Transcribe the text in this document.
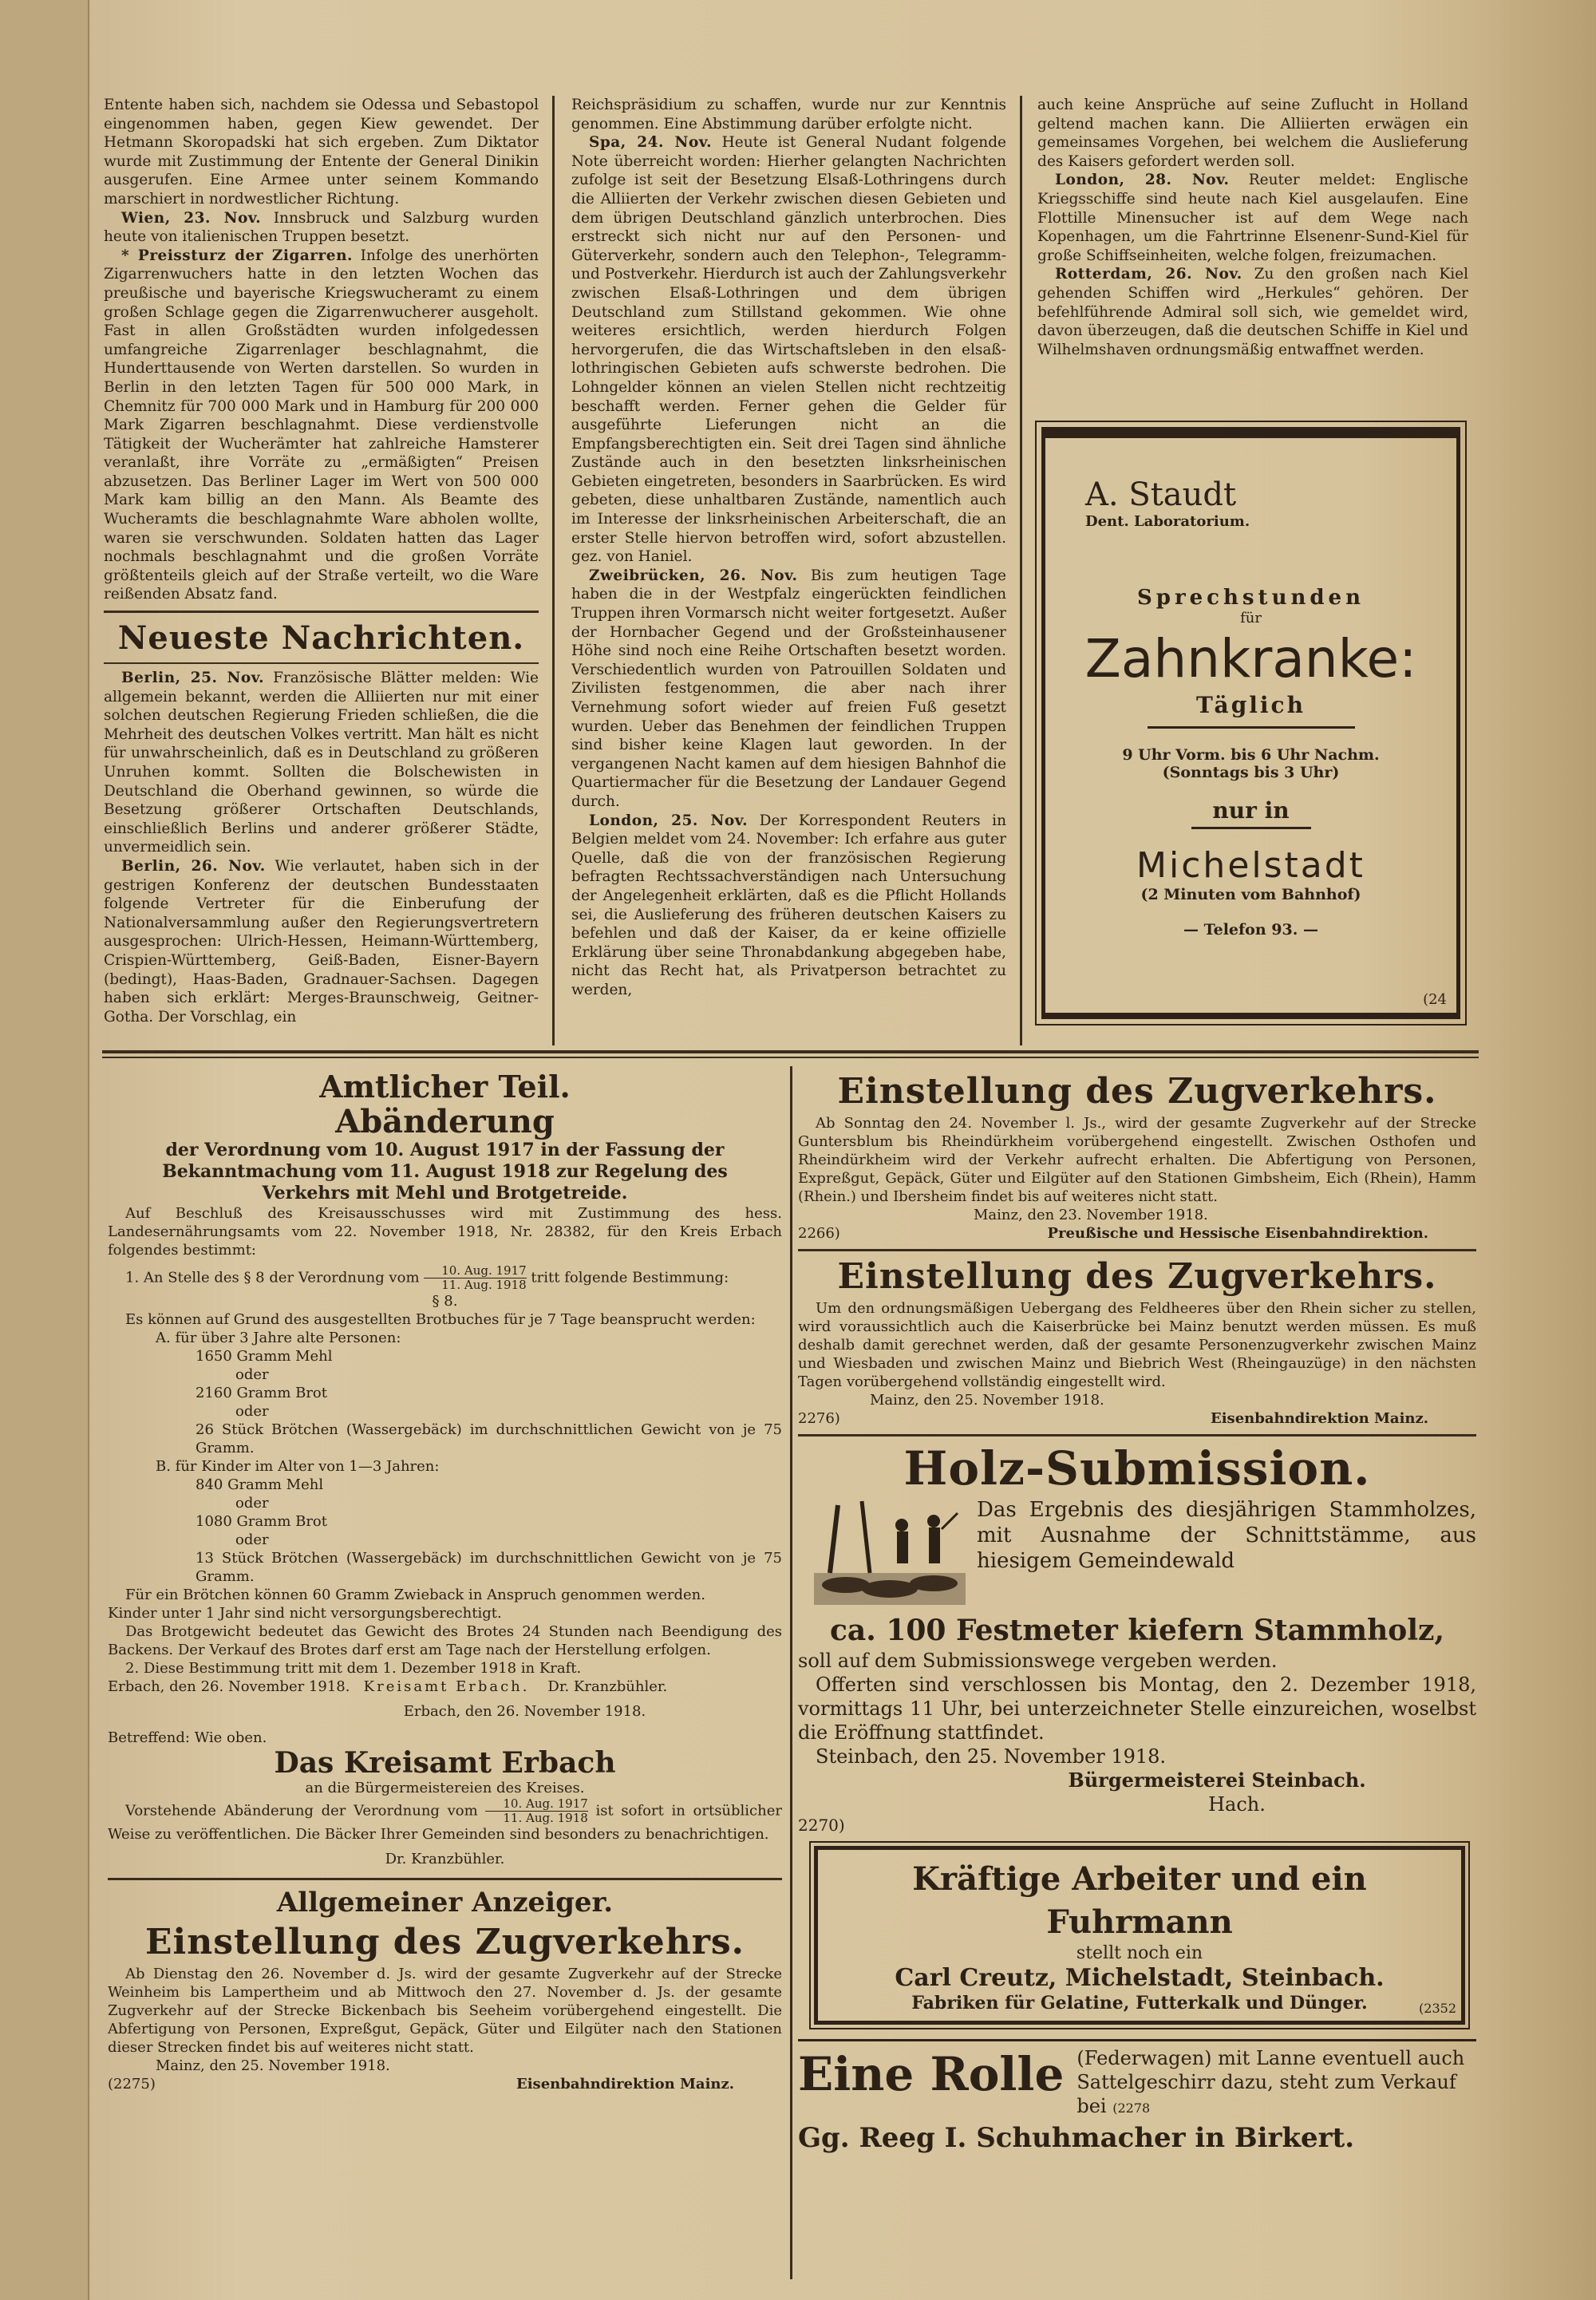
Entente haben sich, nachdem sie Odessa und Sebastopol eingenommen haben, gegen Kiew gewendet. Der Hetmann Skoropadski hat sich ergeben. Zum Diktator wurde mit Zustimmung der Entente der General Dinikin ausgerufen. Eine Armee unter seinem Kommando marschiert in nordwestlicher Richtung.

Wien, 23. Nov. Innsbruck und Salzburg wurden heute von italienischen Truppen besetzt.

* Preissturz der Zigarren. Infolge des unerhörten Zigarrenwuchers hatte in den letzten Wochen das preußische und bayerische Kriegswucheramt zu einem großen Schlage gegen die Zigarrenwucherer ausgeholt. Fast in allen Großstädten wurden infolgedessen umfangreiche Zigarrenlager beschlagnahmt, die Hunderttausende von Werten darstellen. So wurden in Berlin in den letzten Tagen für 500 000 Mark, in Chemnitz für 700 000 Mark und in Hamburg für 200 000 Mark Zigarren beschlagnahmt. Diese verdienstvolle Tätigkeit der Wucherämter hat zahlreiche Hamsterer veranlaßt, ihre Vorräte zu „ermäßigten“ Preisen abzusetzen. Das Berliner Lager im Wert von 500 000 Mark kam billig an den Mann. Als Beamte des Wucheramts die beschlagnahmte Ware abholen wollte, waren sie verschwunden. Soldaten hatten das Lager nochmals beschlagnahmt und die großen Vorräte größtenteils gleich auf der Straße verteilt, wo die Ware reißenden Absatz fand.

Neueste Nachrichten.

Berlin, 25. Nov. Französische Blätter melden: Wie allgemein bekannt, werden die Alliierten nur mit einer solchen deutschen Regierung Frieden schließen, die die Mehrheit des deutschen Volkes vertritt. Man hält es nicht für unwahrscheinlich, daß es in Deutschland zu größeren Unruhen kommt. Sollten die Bolschewisten in Deutschland die Oberhand gewinnen, so würde die Besetzung größerer Ortschaften Deutschlands, einschließlich Berlins und anderer größerer Städte, unvermeidlich sein.

Berlin, 26. Nov. Wie verlautet, haben sich in der gestrigen Konferenz der deutschen Bundesstaaten folgende Vertreter für die Einberufung der Nationalversammlung außer den Regierungsvertretern ausgesprochen: Ulrich-Hessen, Heimann-Württemberg, Crispien-Württemberg, Geiß-Baden, Eisner-Bayern (bedingt), Haas-Baden, Gradnauer-Sachsen. Dagegen haben sich erklärt: Merges-Braunschweig, Geitner-Gotha. Der Vorschlag, ein

Reichspräsidium zu schaffen, wurde nur zur Kenntnis genommen. Eine Abstimmung darüber erfolgte nicht.

Spa, 24. Nov. Heute ist General Nudant folgende Note überreicht worden: Hierher gelangten Nachrichten zufolge ist seit der Besetzung Elsaß-Lothringens durch die Alliierten der Verkehr zwischen diesen Gebieten und dem übrigen Deutschland gänzlich unterbrochen. Dies erstreckt sich nicht nur auf den Personen- und Güterverkehr, sondern auch den Telephon-, Telegramm- und Postverkehr. Hierdurch ist auch der Zahlungsverkehr zwischen Elsaß-Lothringen und dem übrigen Deutschland zum Stillstand gekommen. Wie ohne weiteres ersichtlich, werden hierdurch Folgen hervorgerufen, die das Wirtschaftsleben in den elsaß-lothringischen Gebieten aufs schwerste bedrohen. Die Lohngelder können an vielen Stellen nicht rechtzeitig beschafft werden. Ferner gehen die Gelder für ausgeführte Lieferungen nicht an die Empfangsberechtigten ein. Seit drei Tagen sind ähnliche Zustände auch in den besetzten linksrheinischen Gebieten eingetreten, besonders in Saarbrücken. Es wird gebeten, diese unhaltbaren Zustände, namentlich auch im Interesse der linksrheinischen Arbeiterschaft, die an erster Stelle hiervon betroffen wird, sofort abzustellen. gez. von Haniel.

Zweibrücken, 26. Nov. Bis zum heutigen Tage haben die in der Westpfalz eingerückten feindlichen Truppen ihren Vormarsch nicht weiter fortgesetzt. Außer der Hornbacher Gegend und der Großsteinhausener Höhe sind noch eine Reihe Ortschaften besetzt worden. Verschiedentlich wurden von Patrouillen Soldaten und Zivilisten festgenommen, die aber nach ihrer Vernehmung sofort wieder auf freien Fuß gesetzt wurden. Ueber das Benehmen der feindlichen Truppen sind bisher keine Klagen laut geworden. In der vergangenen Nacht kamen auf dem hiesigen Bahnhof die Quartiermacher für die Besetzung der Landauer Gegend durch.

London, 25. Nov. Der Korrespondent Reuters in Belgien meldet vom 24. November: Ich erfahre aus guter Quelle, daß die von der französischen Regierung befragten Rechtssachverständigen nach Untersuchung der Angelegenheit erklärten, daß es die Pflicht Hollands sei, die Auslieferung des früheren deutschen Kaisers zu befehlen und daß der Kaiser, da er keine offizielle Erklärung über seine Thronabdankung abgegeben habe, nicht das Recht hat, als Privatperson betrachtet zu werden,

auch keine Ansprüche auf seine Zuflucht in Holland geltend machen kann. Die Alliierten erwägen ein gemeinsames Vorgehen, bei welchem die Auslieferung des Kaisers gefordert werden soll.

London, 28. Nov. Reuter meldet: Englische Kriegsschiffe sind heute nach Kiel ausgelaufen. Eine Flottille Minensucher ist auf dem Wege nach Kopenhagen, um die Fahrtrinne Elsenenr-Sund-Kiel für große Schiffseinheiten, welche folgen, freizumachen.

Rotterdam, 26. Nov. Zu den großen nach Kiel gehenden Schiffen wird „Herkules“ gehören. Der befehlführende Admiral soll sich, wie gemeldet wird, davon überzeugen, daß die deutschen Schiffe in Kiel und Wilhelmshaven ordnungsmäßig entwaffnet werden.

A. Staudt
Dent. Laboratorium.
Sprechstunden
für
Zahnkranke:
Täglich
9 Uhr Vorm. bis 6 Uhr Nachm.
(Sonntags bis 3 Uhr)
nur in
Michelstadt
(2 Minuten vom Bahnhof)
— Telefon 93. —
(24
Amtlicher Teil.
Abänderung

der Verordnung vom 10. August 1917 in der Fassung der Bekanntmachung vom 11. August 1918 zur Regelung des Verkehrs mit Mehl und Brotgetreide.

Auf Beschluß des Kreisausschusses wird mit Zustimmung des hess. Landesernährungsamts vom 22. November 1918, Nr. 28382, für den Kreis Erbach folgendes bestimmt:

1. An Stelle des § 8 der Verordnung vom $\frac{\text{10. Aug. 1917}}{\text{11. Aug. 1918}}$ tritt folgende Bestimmung:

§ 8.

Es können auf Grund des ausgestellten Brotbuches für je 7 Tage beansprucht werden:

A. für über 3 Jahre alte Personen:

1650 Gramm Mehl

oder

2160 Gramm Brot

oder

26 Stück Brötchen (Wassergebäck) im durchschnittlichen Gewicht von je 75 Gramm.

B. für Kinder im Alter von 1—3 Jahren:

840 Gramm Mehl

oder

1080 Gramm Brot

oder

13 Stück Brötchen (Wassergebäck) im durchschnittlichen Gewicht von je 75 Gramm.

Für ein Brötchen können 60 Gramm Zwieback in Anspruch genommen werden.

Kinder unter 1 Jahr sind nicht versorgungsberechtigt.

Das Brotgewicht bedeutet das Gewicht des Brotes 24 Stunden nach Beendigung des Backens. Der Verkauf des Brotes darf erst am Tage nach der Herstellung erfolgen.

2. Diese Bestimmung tritt mit dem 1. Dezember 1918 in Kraft.

Erbach, den 26. November 1918. Kreisamt Erbach. Dr. Kranzbühler.

Erbach, den 26. November 1918.

Betreffend: Wie oben.

Das Kreisamt Erbach

an die Bürgermeistereien des Kreises.

Vorstehende Abänderung der Verordnung vom $\frac{\text{10. Aug. 1917}}{\text{11. Aug. 1918}}$ ist sofort in ortsüblicher Weise zu veröffentlichen. Die Bäcker Ihrer Gemeinden sind besonders zu benachrichtigen.

Dr. Kranzbühler.

Allgemeiner Anzeiger.
Einstellung des Zugverkehrs.

Ab Dienstag den 26. November d. Js. wird der gesamte Zugverkehr auf der Strecke Weinheim bis Lampertheim und ab Mittwoch den 27. November d. Js. der gesamte Zugverkehr auf der Strecke Bickenbach bis Seeheim vorübergehend eingestellt. Die Abfertigung von Personen, Expreßgut, Gepäck, Güter und Eilgüter nach den Stationen dieser Strecken findet bis auf weiteres nicht statt.

Mainz, den 25. November 1918.

(2275)	Eisenbahndirektion Mainz.

Einstellung des Zugverkehrs.

Ab Sonntag den 24. November l. Js., wird der gesamte Zugverkehr auf der Strecke Guntersblum bis Rheindürkheim vorübergehend eingestellt. Zwischen Osthofen und Rheindürkheim wird der Verkehr aufrecht erhalten. Die Abfertigung von Personen, Expreßgut, Gepäck, Güter und Eilgüter auf den Stationen Gimbsheim, Eich (Rhein), Hamm (Rhein.) und Ibersheim findet bis auf weiteres nicht statt.

Mainz, den 23. November 1918.

2266)	Preußische und Hessische Eisenbahndirektion.

Einstellung des Zugverkehrs.

Um den ordnungsmäßigen Uebergang des Feldheeres über den Rhein sicher zu stellen, wird voraussichtlich auch die Kaiserbrücke bei Mainz benutzt werden müssen. Es muß deshalb damit gerechnet werden, daß der gesamte Personenzugverkehr zwischen Mainz und Wiesbaden und zwischen Mainz und Biebrich West (Rheingauzüge) in den nächsten Tagen vorübergehend vollständig eingestellt wird.

Mainz, den 25. November 1918.

2276)	Eisenbahndirektion Mainz.

Holz-Submission.

Das Ergebnis des diesjährigen Stammholzes, mit Ausnahme der Schnittstämme, aus hiesigem Gemeindewald

ca. 100 Festmeter kiefern Stammholz,

soll auf dem Submissionswege vergeben werden.

Offerten sind verschlossen bis Montag, den 2. Dezember 1918, vormittags 11 Uhr, bei unterzeichneter Stelle einzureichen, woselbst die Eröffnung stattfindet.

Steinbach, den 25. November 1918.

Bürgermeisterei Steinbach.

Hach.

2270)

Kräftige Arbeiter und ein Fuhrmann
stellt noch ein
Carl Creutz, Michelstadt, Steinbach.
Fabriken für Gelatine, Futterkalk und Dünger.	(2352
Eine Rolle (Federwagen) mit Lanne eventuell auch Sattelgeschirr dazu, steht zum Verkauf bei (2278
Gg. Reeg I. Schuhmacher in Birkert.
